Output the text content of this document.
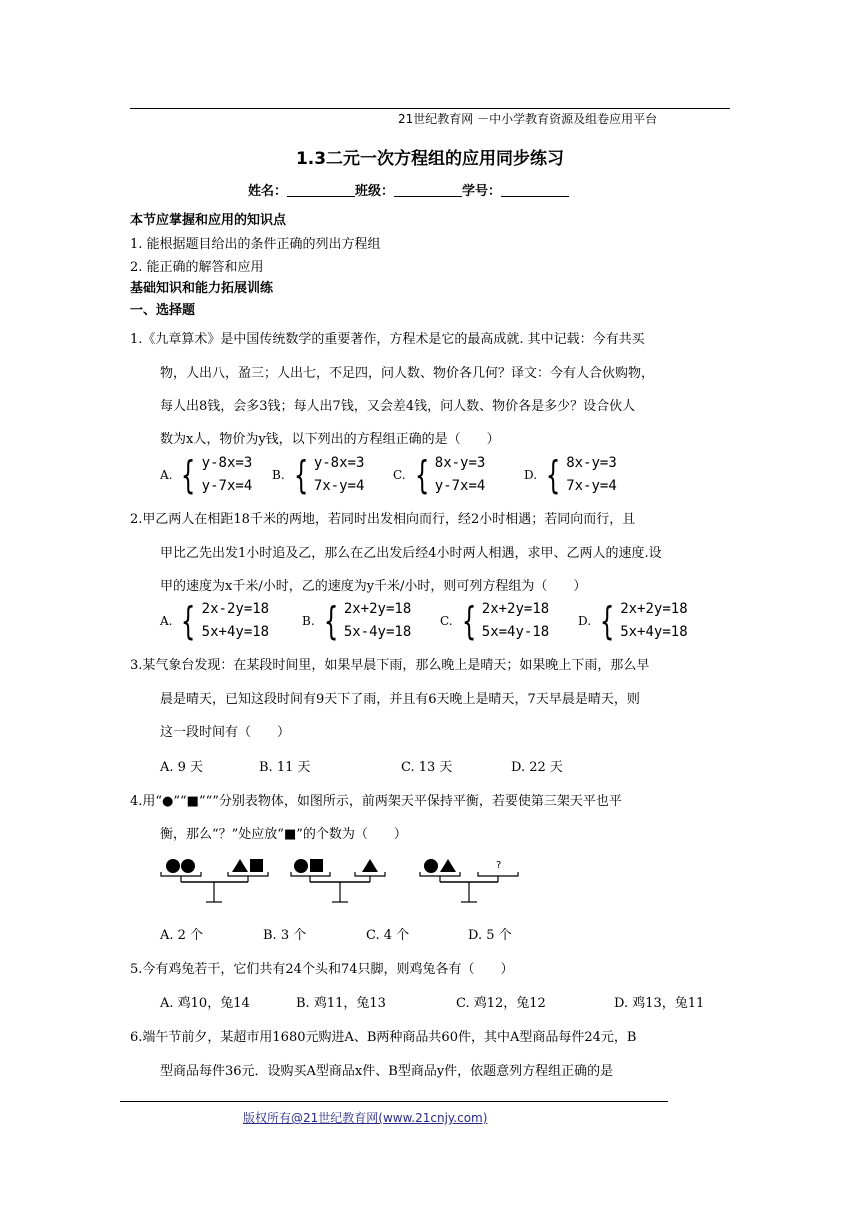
21世纪教育网 －中小学教育资源及组卷应用平台
1.3二元一次方程组的应用同步练习
姓名：	班级：	学号：
本节应掌握和应用的知识点
1. 能根据题目给出的条件正确的列出方程组
2. 能正确的解答和应用
基础知识和能力拓展训练
一、选择题
1.《九章算术》是中国传统数学的重要著作，方程术是它的最高成就. 其中记载：今有共买
物，人出八，盈三；人出七，不足四，问人数、物价各几何？译文：今有人合伙购物，
每人出8钱，会多3钱；每人出7钱，又会差4钱，问人数、物价各是多少？设合伙人
数为x人，物价为y钱，以下列出的方程组正确的是（　　）
A. { y-8x=3
y-7x=4
B. { y-8x=3
7x-y=4
C. { 8x-y=3
y-7x=4
D. { 8x-y=3
7x-y=4
2.甲乙两人在相距18千米的两地，若同时出发相向而行，经2小时相遇；若同向而行，且
甲比乙先出发1小时追及乙，那么在乙出发后经4小时两人相遇，求甲、乙两人的速度.设
甲的速度为x千米/小时，乙的速度为y千米/小时，则可列方程组为（　　）
A. { 2x-2y=18
5x+4y=18
B. { 2x+2y=18
5x-4y=18
C. { 2x+2y=18
5x=4y-18
D. { 2x+2y=18
5x+4y=18
3.某气象台发现：在某段时间里，如果早晨下雨，那么晚上是晴天；如果晚上下雨，那么早
晨是晴天，已知这段时间有9天下了雨，并且有6天晚上是晴天，7天早晨是晴天，则
这一段时间有（　　）
A. 9 天	B. 11 天	C. 13 天	D. 22 天
4.用“●”“■”“”分别表物体，如图所示，前两架天平保持平衡，若要使第三架天平也平
衡，那么“？”处应放“■”的个数为（　　）
?
A. 2 个	B. 3 个	C. 4 个	D. 5 个
5.今有鸡兔若干，它们共有24个头和74只脚，则鸡兔各有（　　）
A. 鸡10，兔14	B. 鸡11，兔13	C. 鸡12，兔12	D. 鸡13，兔11
6.端午节前夕，某超市用1680元购进A、B两种商品共60件，其中A型商品每件24元，B
型商品每件36元．设购买A型商品x件、B型商品y件，依题意列方程组正确的是
版权所有@21世纪教育网(www.21cnjy.com)
